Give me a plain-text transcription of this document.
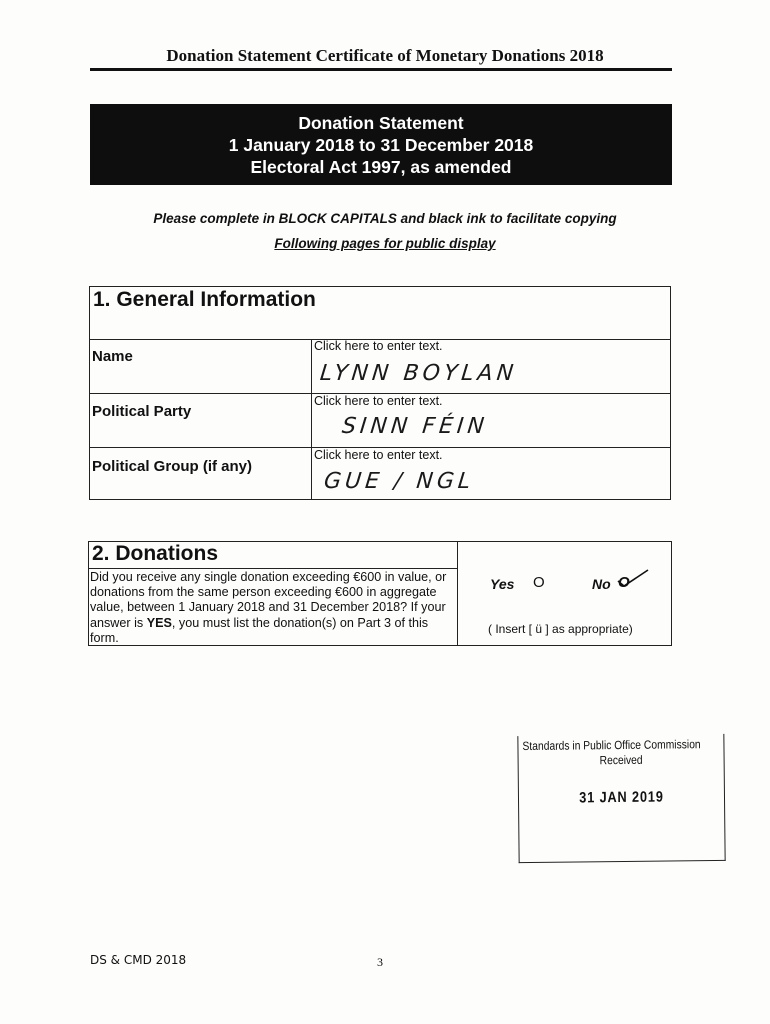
Donation Statement Certificate of Monetary Donations 2018
Donation Statement
1 January 2018 to 31 December 2018
Electoral Act 1997, as amended
Please complete in BLOCK CAPITALS and black ink to facilitate copying
Following pages for public display
1. General Information
Name
Click here to enter text.
LYNN BOYLAN
Political Party
Click here to enter text.
SINN FÉIN
Political Group (if any)
Click here to enter text.
GUE / NGL
2. Donations
Did you receive any single donation exceeding €600 in value, or donations from the same person exceeding €600 in aggregate value, between 1 January 2018 and 31 December 2018? If your answer is YES, you must list the donation(s) on Part 3 of this form.
Yes O	No O
( Insert [ ü ] as appropriate)
Standards in Public Office Commission
Received
31 JAN 2019
DS & CMD 2018	3
